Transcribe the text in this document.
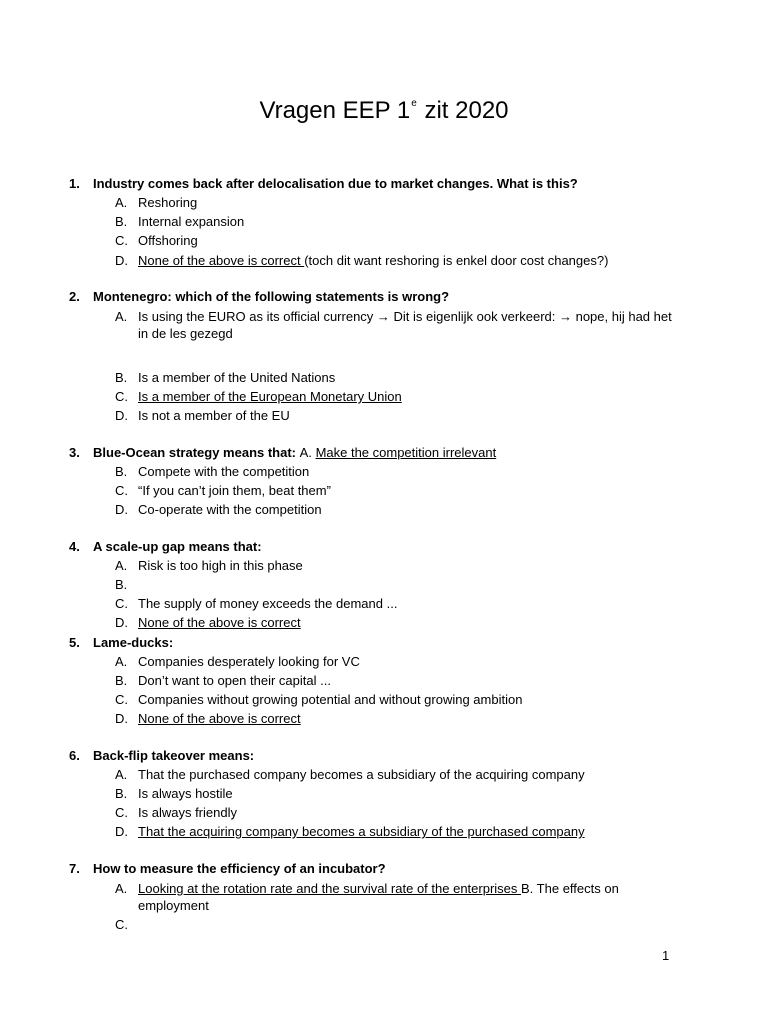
Vragen EEP 1e zit 2020
1. Industry comes back after delocalisation due to market changes. What is this?
A. Reshoring
B. Internal expansion
C. Offshoring
D. None of the above is correct (toch dit want reshoring is enkel door cost changes?)
2. Montenegro: which of the following statements is wrong?
A. Is using the EURO as its official currency → Dit is eigenlijk ook verkeerd: → nope, hij had het in de les gezegd
B. Is a member of the United Nations
C. Is a member of the European Monetary Union
D. Is not a member of the EU
3. Blue-Ocean strategy means that: A. Make the competition irrelevant
B. Compete with the competition
C. “If you can’t join them, beat them”
D. Co-operate with the competition
4. A scale-up gap means that:
A. Risk is too high in this phase
B.
C. The supply of money exceeds the demand ...
D. None of the above is correct
5. Lame-ducks:
A. Companies desperately looking for VC
B. Don’t want to open their capital ...
C. Companies without growing potential and without growing ambition
D. None of the above is correct
6. Back-flip takeover means:
A. That the purchased company becomes a subsidiary of the acquiring company
B. Is always hostile
C. Is always friendly
D. That the acquiring company becomes a subsidiary of the purchased company
7. How to measure the efficiency of an incubator?
A. Looking at the rotation rate and the survival rate of the enterprises B. The effects on employment
C.
1
